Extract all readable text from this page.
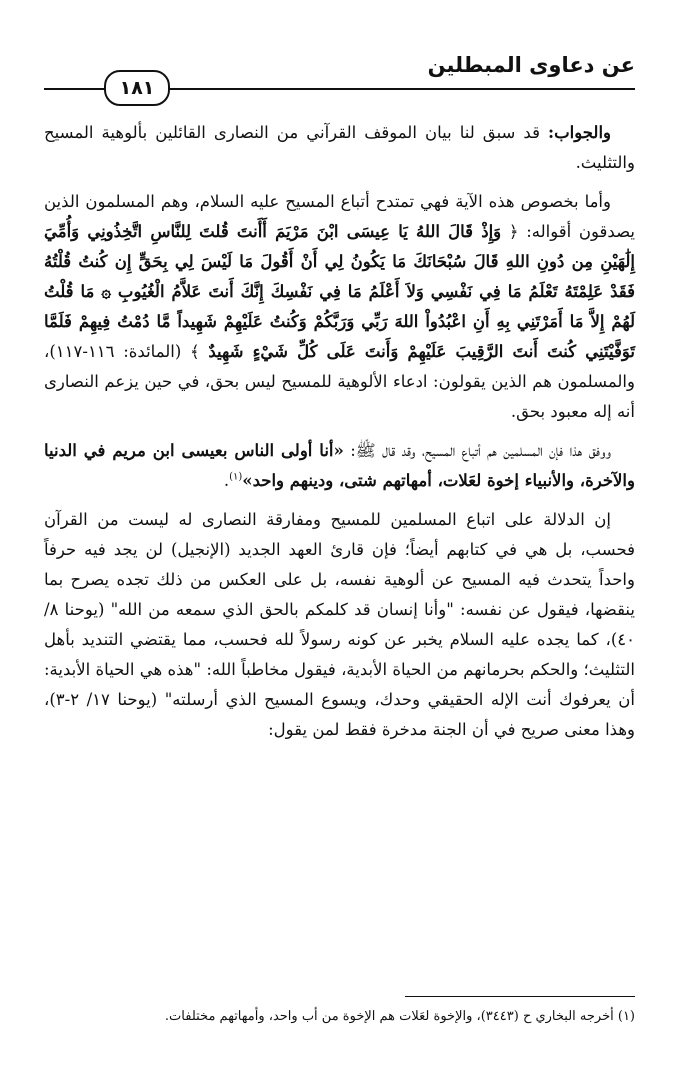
عن دعاوى المبطلين
١٨١

والجواب: قد سبق لنا بيان الموقف القرآني من النصارى القائلين بألوهية المسيح والتثليث.

وأما بخصوص هذه الآية فهي تمتدح أتباع المسيح عليه السلام، وهم المسلمون الذين يصدقون أقواله: ﴿ وَإِذْ قَالَ اللهُ يَا عِيسَى ابْنَ مَرْيَمَ أَأَنتَ قُلتَ لِلنَّاسِ اتَّخِذُونِي وَأُمِّيَ إِلَٰهَيْنِ مِن دُونِ اللهِ قَالَ سُبْحَانَكَ مَا يَكُونُ لِي أَنْ أَقُولَ مَا لَيْسَ لِي بِحَقٍّ إِن كُنتُ قُلْتُهُ فَقَدْ عَلِمْتَهُ تَعْلَمُ مَا فِي نَفْسِي وَلاَ أَعْلَمُ مَا فِي نَفْسِكَ إِنَّكَ أَنتَ عَلاَّمُ الْغُيُوبِ ۞ مَا قُلْتُ لَهُمْ إِلاَّ مَا أَمَرْتَنِي بِهِ أَنِ اعْبُدُواْ اللهَ رَبِّي وَرَبَّكُمْ وَكُنتُ عَلَيْهِمْ شَهِيداً مَّا دُمْتُ فِيهِمْ فَلَمَّا تَوَفَّيْتَنِي كُنتَ أَنتَ الرَّقِيبَ عَلَيْهِمْ وَأَنتَ عَلَى كُلِّ شَيْءٍ شَهِيدٌ ﴾ (المائدة: ١١٦-١١٧)، والمسلمون هم الذين يقولون: ادعاء الألوهية للمسيح ليس بحق، في حين يزعم النصارى أنه إله معبود بحق.

ووفق هذا فإن المسلمين هم أتباع المسيح، وقد قال ﷺ: «أنا أولى الناس بعيسى ابن مريم في الدنيا والآخرة، والأنبياء إخوة لعَلات، أمهاتهم شتى، ودينهم واحد»$^{(١)}$.

إن الدلالة على اتباع المسلمين للمسيح ومفارقة النصارى له ليست من القرآن فحسب، بل هي في كتابهم أيضاً؛ فإن قارئ العهد الجديد (الإنجيل) لن يجد فيه حرفاً واحداً يتحدث فيه المسيح عن ألوهية نفسه، بل على العكس من ذلك تجده يصرح بما ينقضها، فيقول عن نفسه: "وأنا إنسان قد كلمكم بالحق الذي سمعه من الله" (يوحنا ٨/ ٤٠)، كما يجده عليه السلام يخبر عن كونه رسولاً لله فحسب، مما يقتضي التنديد بأهل التثليث؛ والحكم بحرمانهم من الحياة الأبدية، فيقول مخاطباً الله: "هذه هي الحياة الأبدية: أن يعرفوك أنت الإله الحقيقي وحدك، ويسوع المسيح الذي أرسلته" (يوحنا ١٧/ ٢-٣)، وهذا معنى صريح في أن الجنة مدخرة فقط لمن يقول:

(١) أخرجه البخاري ح (٣٤٤٣)، والإخوة لعَلات هم الإخوة من أب واحد، وأمهاتهم مختلفات.
